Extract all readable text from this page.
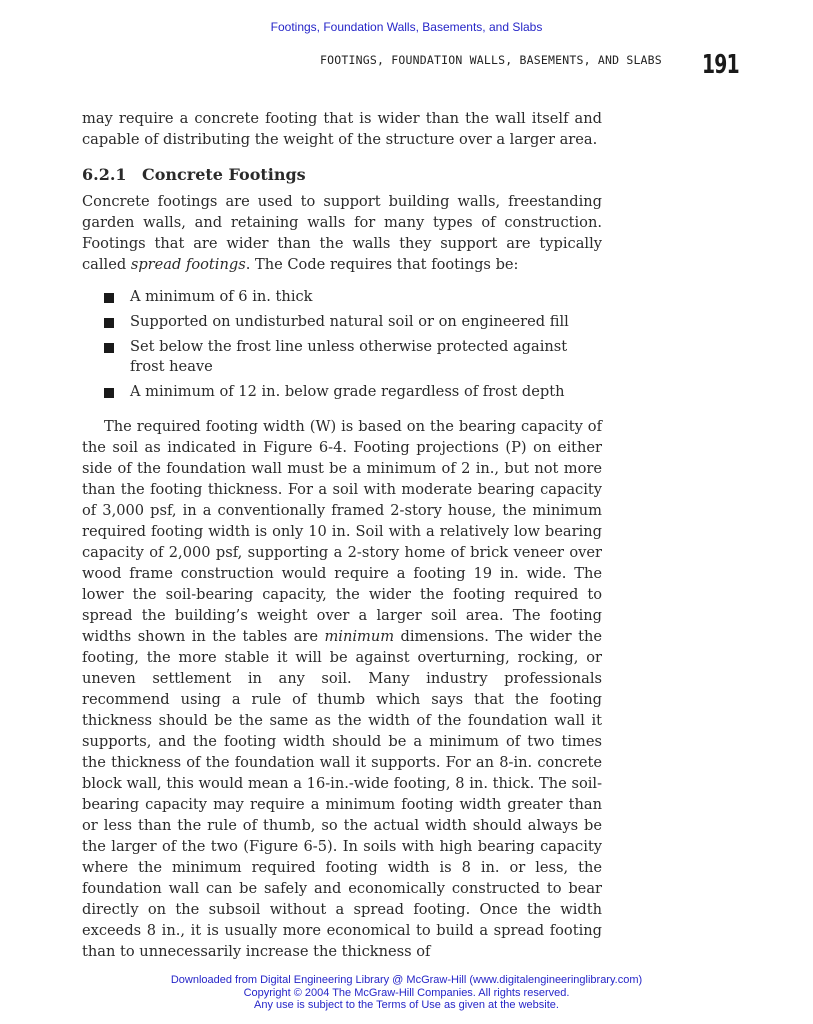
Footings, Foundation Walls, Basements, and Slabs
FOOTINGS, FOUNDATION WALLS, BASEMENTS, AND SLABS	191

may require a concrete footing that is wider than the wall itself and capable of distributing the weight of the structure over a larger area.

6.2.1 Concrete Footings

Concrete footings are used to support building walls, freestanding garden walls, and retaining walls for many types of construction. Footings that are wider than the walls they support are typically called spread footings. The Code requires that footings be:

A minimum of 6 in. thick
Supported on undisturbed natural soil or on engineered fill
Set below the frost line unless otherwise protected against frost heave
A minimum of 12 in. below grade regardless of frost depth

The required footing width (W) is based on the bearing capacity of the soil as indicated in Figure 6-4. Footing projections (P) on either side of the foundation wall must be a minimum of 2 in., but not more than the footing thickness. For a soil with moderate bearing capacity of 3,000 psf, in a conventionally framed 2-story house, the minimum required footing width is only 10 in. Soil with a relatively low bearing capacity of 2,000 psf, supporting a 2-story home of brick veneer over wood frame construction would require a footing 19 in. wide. The lower the soil-bearing capacity, the wider the footing required to spread the building’s weight over a larger soil area. The footing widths shown in the tables are minimum dimensions. The wider the footing, the more stable it will be against overturning, rocking, or uneven settlement in any soil. Many industry professionals recommend using a rule of thumb which says that the footing thickness should be the same as the width of the foundation wall it supports, and the footing width should be a minimum of two times the thickness of the foundation wall it supports. For an 8-in. concrete block wall, this would mean a 16-in.-wide footing, 8 in. thick. The soil-bearing capacity may require a minimum footing width greater than or less than the rule of thumb, so the actual width should always be the larger of the two (Figure 6-5). In soils with high bearing capacity where the minimum required footing width is 8 in. or less, the foundation wall can be safely and economically constructed to bear directly on the subsoil without a spread footing. Once the width exceeds 8 in., it is usually more economical to build a spread footing than to unnecessarily increase the thickness of

Downloaded from Digital Engineering Library @ McGraw-Hill (www.digitalengineeringlibrary.com)
Copyright © 2004 The McGraw-Hill Companies. All rights reserved.
Any use is subject to the Terms of Use as given at the website.
